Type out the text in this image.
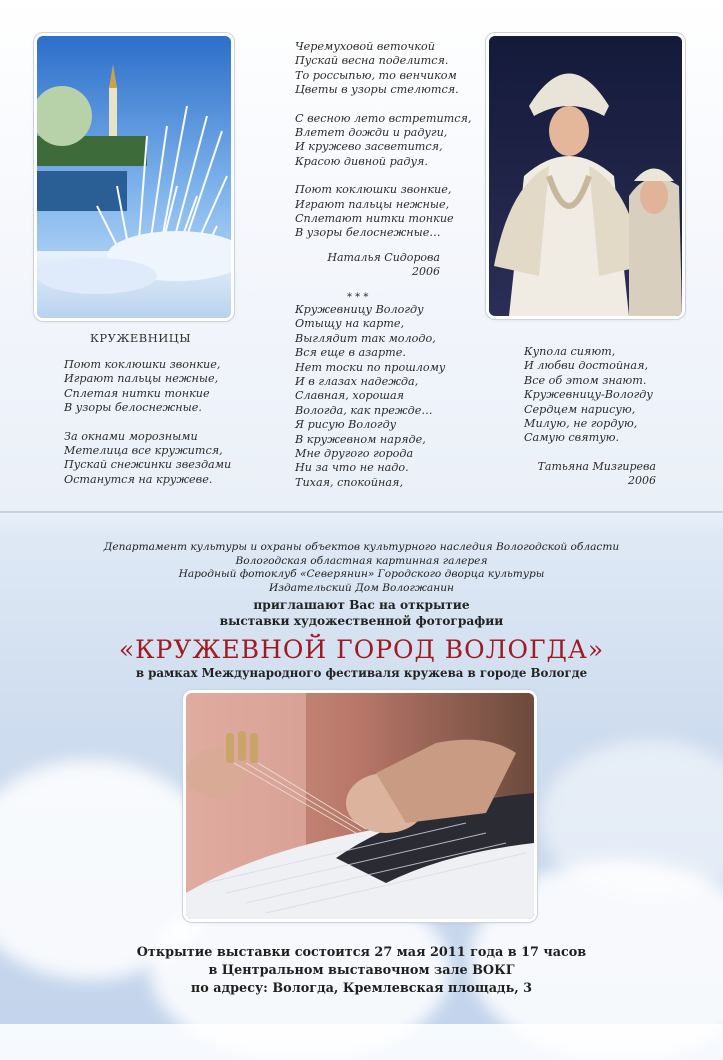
Черемуховой веточкой
Пускай весна поделится.
То россыпью, то венчиком
Цветы в узоры стелются.
С весною лето встретится,
Влетет дожди и радуги,
И кружево засветится,
Красою дивной радуя.
Поют коклюшки звонкие,
Играют пальцы нежные,
Сплетают нитки тонкие
В узоры белоснежные…
Наталья Сидорова
2006
* * *
КРУЖЕВНИЦЫ
Поют коклюшки звонкие,
Играют пальцы нежные,
Сплетая нитки тонкие
В узоры белоснежные.
За окнами морозными
Метелица все кружится,
Пускай снежинки звездами
Останутся на кружеве.
Кружевницу Вологду
Отыщу на карте,
Выглядит так молодо,
Вся еще в азарте.
Нет тоски по прошлому
И в глазах надежда,
Славная, хорошая
Вологда, как прежде…
Я рисую Вологду
В кружевном наряде,
Мне другого города
Ни за что не надо.
Тихая, спокойная,
Купола сияют,
И любви достойная,
Все об этом знают.
Кружевницу-Вологду
Сердцем нарисую,
Милую, не гордую,
Самую святую.
Татьяна Мизгирева
2006
Департамент культуры и охраны объектов культурного наследия Вологодской области
Вологодская областная картинная галерея
Народный фотоклуб «Северянин» Городского дворца культуры
Издательский Дом Вологжанин
приглашают Вас на открытие
выставки художественной фотографии
«КРУЖЕВНОЙ ГОРОД ВОЛОГДА»
в рамках Международного фестиваля кружева в городе Вологде
Открытие выставки состоится 27 мая 2011 года в 17 часов
в Центральном выставочном зале ВОКГ
по адресу: Вологда, Кремлевская площадь, 3
